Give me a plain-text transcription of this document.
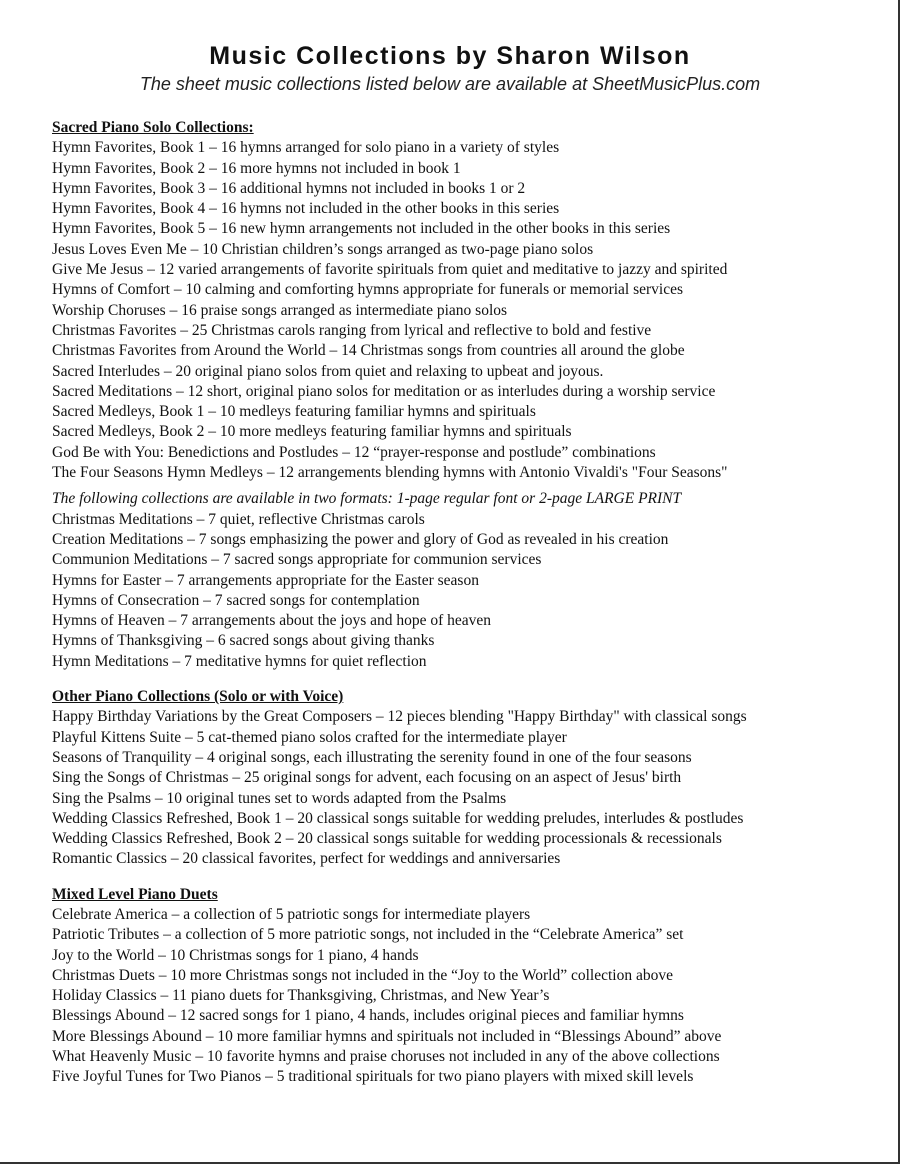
Music Collections by Sharon Wilson
The sheet music collections listed below are available at SheetMusicPlus.com
Sacred Piano Solo Collections:
Hymn Favorites, Book 1 – 16 hymns arranged for solo piano in a variety of styles
Hymn Favorites, Book 2 – 16 more hymns not included in book 1
Hymn Favorites, Book 3 – 16 additional hymns not included in books 1 or 2
Hymn Favorites, Book 4 – 16 hymns not included in the other books in this series
Hymn Favorites, Book 5 – 16 new hymn arrangements not included in the other books in this series
Jesus Loves Even Me – 10 Christian children’s songs arranged as two-page piano solos
Give Me Jesus – 12 varied arrangements of favorite spirituals from quiet and meditative to jazzy and spirited
Hymns of Comfort – 10 calming and comforting hymns appropriate for funerals or memorial services
Worship Choruses – 16 praise songs arranged as intermediate piano solos
Christmas Favorites – 25 Christmas carols ranging from lyrical and reflective to bold and festive
Christmas Favorites from Around the World – 14 Christmas songs from countries all around the globe
Sacred Interludes – 20 original piano solos from quiet and relaxing to upbeat and joyous.
Sacred Meditations – 12 short, original piano solos for meditation or as interludes during a worship service
Sacred Medleys, Book 1 – 10 medleys featuring familiar hymns and spirituals
Sacred Medleys, Book 2 – 10 more medleys featuring familiar hymns and spirituals
God Be with You: Benedictions and Postludes – 12 “prayer-response and postlude” combinations
The Four Seasons Hymn Medleys – 12 arrangements blending hymns with Antonio Vivaldi's "Four Seasons"
The following collections are available in two formats: 1-page regular font or 2-page LARGE PRINT
Christmas Meditations – 7 quiet, reflective Christmas carols
Creation Meditations – 7 songs emphasizing the power and glory of God as revealed in his creation
Communion Meditations – 7 sacred songs appropriate for communion services
Hymns for Easter – 7 arrangements appropriate for the Easter season
Hymns of Consecration – 7 sacred songs for contemplation
Hymns of Heaven – 7 arrangements about the joys and hope of heaven
Hymns of Thanksgiving – 6 sacred songs about giving thanks
Hymn Meditations – 7 meditative hymns for quiet reflection
Other Piano Collections (Solo or with Voice)
Happy Birthday Variations by the Great Composers – 12 pieces blending "Happy Birthday" with classical songs
Playful Kittens Suite – 5 cat-themed piano solos crafted for the intermediate player
Seasons of Tranquility – 4 original songs, each illustrating the serenity found in one of the four seasons
Sing the Songs of Christmas – 25 original songs for advent, each focusing on an aspect of Jesus' birth
Sing the Psalms – 10 original tunes set to words adapted from the Psalms
Wedding Classics Refreshed, Book 1 – 20 classical songs suitable for wedding preludes, interludes & postludes
Wedding Classics Refreshed, Book 2 – 20 classical songs suitable for wedding processionals & recessionals
Romantic Classics – 20 classical favorites, perfect for weddings and anniversaries
Mixed Level Piano Duets
Celebrate America – a collection of 5 patriotic songs for intermediate players
Patriotic Tributes – a collection of 5 more patriotic songs, not included in the “Celebrate America” set
Joy to the World – 10 Christmas songs for 1 piano, 4 hands
Christmas Duets – 10 more Christmas songs not included in the “Joy to the World” collection above
Holiday Classics – 11 piano duets for Thanksgiving, Christmas, and New Year’s
Blessings Abound – 12 sacred songs for 1 piano, 4 hands, includes original pieces and familiar hymns
More Blessings Abound – 10 more familiar hymns and spirituals not included in “Blessings Abound” above
What Heavenly Music – 10 favorite hymns and praise choruses not included in any of the above collections
Five Joyful Tunes for Two Pianos – 5 traditional spirituals for two piano players with mixed skill levels
